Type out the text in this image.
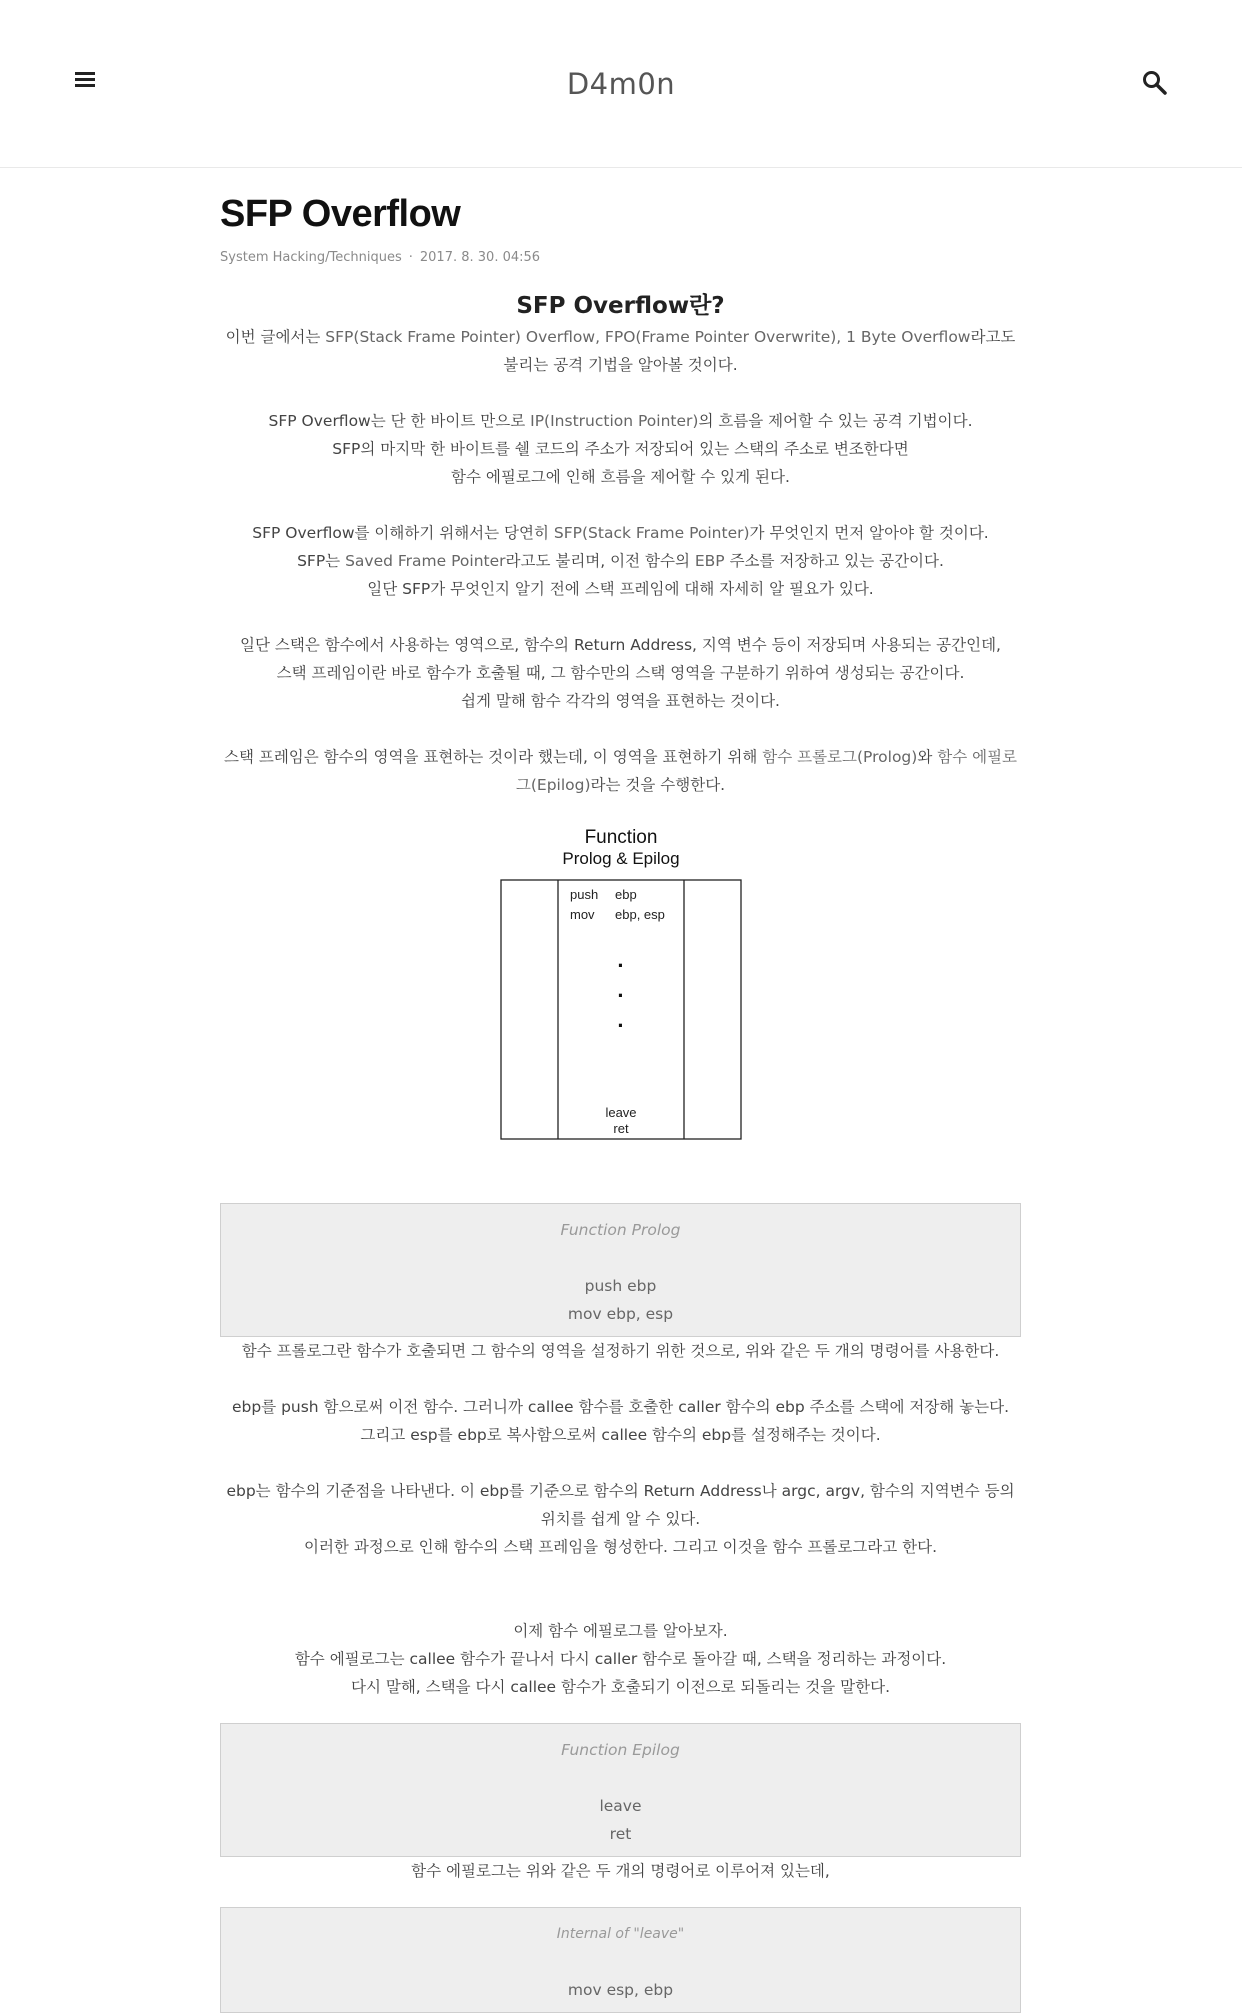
D4m0n
SFP Overflow
System Hacking/Techniques · 2017. 8. 30. 04:56
SFP Overflow란?

이번 글에서는 SFP(Stack Frame Pointer) Overflow, FPO(Frame Pointer Overwrite), 1 Byte Overflow라고도 불리는 공격 기법을 알아볼 것이다.

SFP Overflow는 단 한 바이트 만으로 IP(Instruction Pointer)의 흐름을 제어할 수 있는 공격 기법이다.
SFP의 마지막 한 바이트를 쉘 코드의 주소가 저장되어 있는 스택의 주소로 변조한다면
함수 에필로그에 인해 흐름을 제어할 수 있게 된다.

SFP Overflow를 이해하기 위해서는 당연히 SFP(Stack Frame Pointer)가 무엇인지 먼저 알아야 할 것이다.
SFP는 Saved Frame Pointer라고도 불리며, 이전 함수의 EBP 주소를 저장하고 있는 공간이다.
일단 SFP가 무엇인지 알기 전에 스택 프레임에 대해 자세히 알 필요가 있다.

일단 스택은 함수에서 사용하는 영역으로, 함수의 Return Address, 지역 변수 등이 저장되며 사용되는 공간인데,
스택 프레임이란 바로 함수가 호출될 때, 그 함수만의 스택 영역을 구분하기 위하여 생성되는 공간이다.
쉽게 말해 함수 각각의 영역을 표현하는 것이다.

스택 프레임은 함수의 영역을 표현하는 것이라 했는데, 이 영역을 표현하기 위해 함수 프롤로그(Prolog)와 함수 에필로그(Epilog)라는 것을 수행한다.

Function
Prolog & Epilog
push ebp
mov ebp, esp
·
·
·
leave
ret
Function Prolog
push ebp
mov ebp, esp

함수 프롤로그란 함수가 호출되면 그 함수의 영역을 설정하기 위한 것으로, 위와 같은 두 개의 명령어를 사용한다.

ebp를 push 함으로써 이전 함수. 그러니까 callee 함수를 호출한 caller 함수의 ebp 주소를 스택에 저장해 놓는다.
그리고 esp를 ebp로 복사함으로써 callee 함수의 ebp를 설정해주는 것이다.

ebp는 함수의 기준점을 나타낸다. 이 ebp를 기준으로 함수의 Return Address나 argc, argv, 함수의 지역변수 등의 위치를 쉽게 알 수 있다.
이러한 과정으로 인해 함수의 스택 프레임을 형성한다. 그리고 이것을 함수 프롤로그라고 한다.

이제 함수 에필로그를 알아보자.
함수 에필로그는 callee 함수가 끝나서 다시 caller 함수로 돌아갈 때, 스택을 정리하는 과정이다.
다시 말해, 스택을 다시 callee 함수가 호출되기 이전으로 되돌리는 것을 말한다.

Function Epilog
leave
ret

함수 에필로그는 위와 같은 두 개의 명령어로 이루어져 있는데,

Internal of "leave"
mov esp, ebp
